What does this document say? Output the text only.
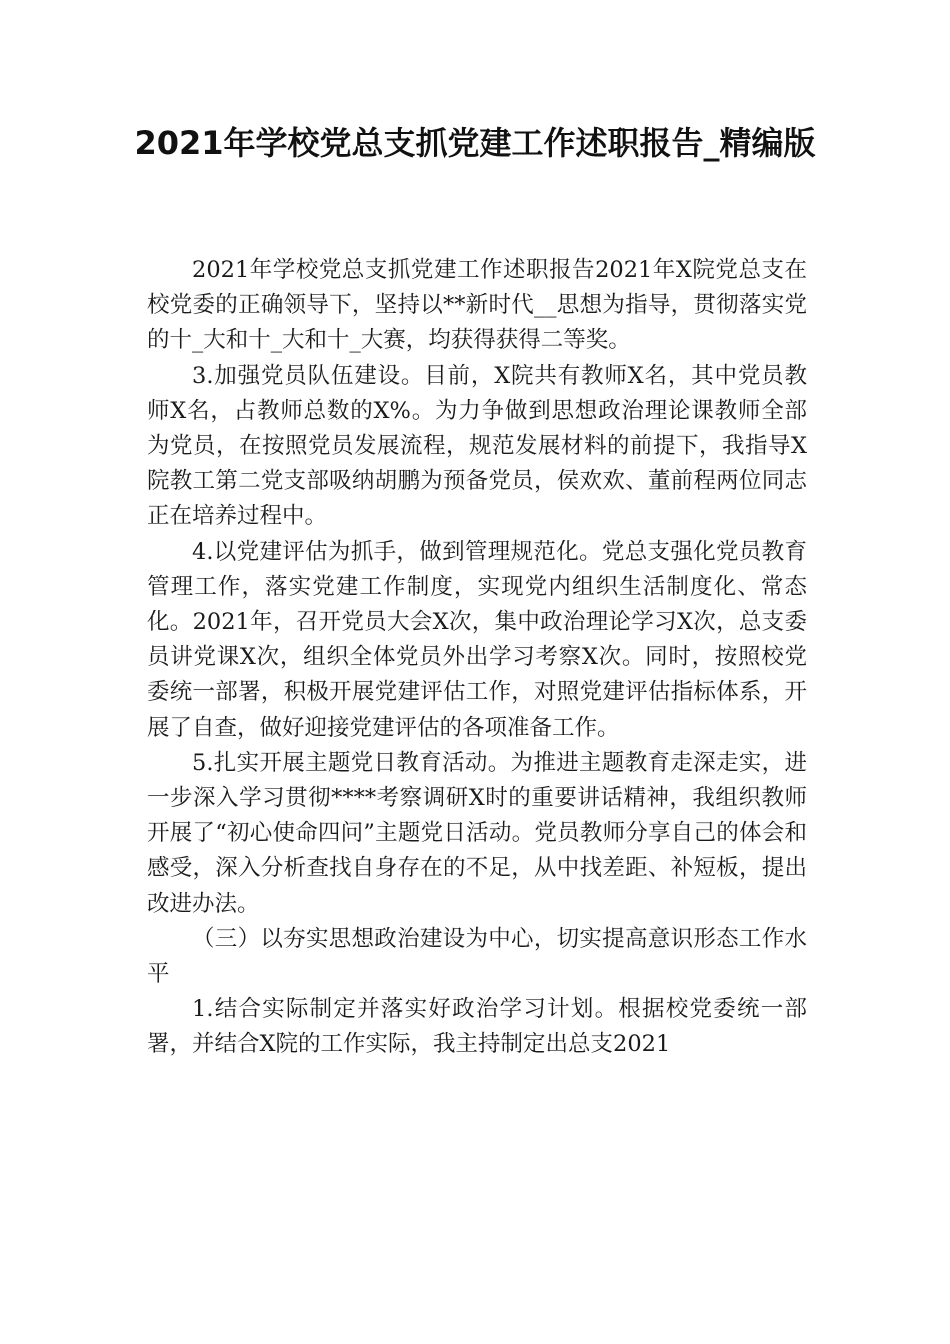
2021年学校党总支抓党建工作述职报告_精编版

2021年学校党总支抓党建工作述职报告2021年X院党总支在校党委的正确领导下，坚持以**新时代__思想为指导，贯彻落实党的十_大和十_大和十_大赛，均获得获得二等奖。

3.加强党员队伍建设。目前，X院共有教师X名，其中党员教师X名，占教师总数的X%。为力争做到思想政治理论课教师全部为党员，在按照党员发展流程，规范发展材料的前提下，我指导X院教工第二党支部吸纳胡鹏为预备党员，侯欢欢、董前程两位同志正在培养过程中。

4.以党建评估为抓手，做到管理规范化。党总支强化党员教育管理工作，落实党建工作制度，实现党内组织生活制度化、常态化。2021年，召开党员大会X次，集中政治理论学习X次，总支委员讲党课X次，组织全体党员外出学习考察X次。同时，按照校党委统一部署，积极开展党建评估工作，对照党建评估指标体系，开展了自查，做好迎接党建评估的各项准备工作。

5.扎实开展主题党日教育活动。为推进主题教育走深走实，进一步深入学习贯彻****考察调研X时的重要讲话精神，我组织教师开展了“初心使命四问”主题党日活动。党员教师分享自己的体会和感受，深入分析查找自身存在的不足，从中找差距、补短板，提出改进办法。

（三）以夯实思想政治建设为中心，切实提高意识形态工作水平

1.结合实际制定并落实好政治学习计划。根据校党委统一部署，并结合X院的工作实际，我主持制定出总支2021
